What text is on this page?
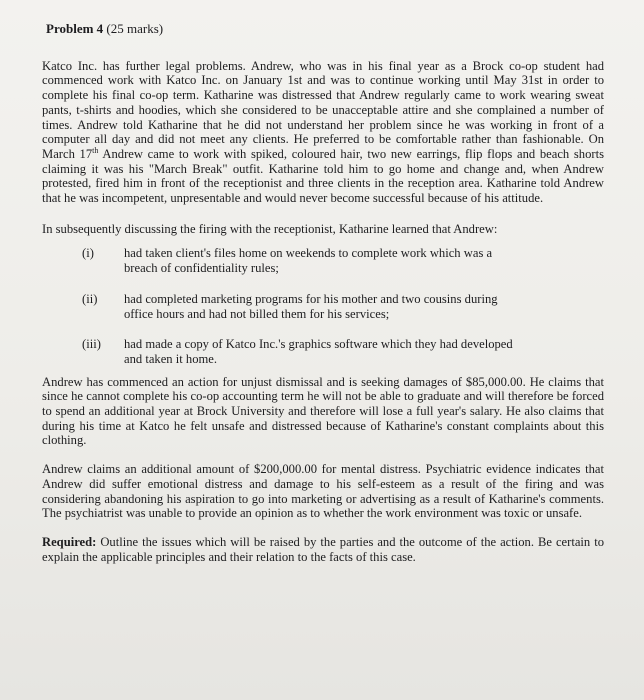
Problem 4 (25 marks)

Katco Inc. has further legal problems. Andrew, who was in his final year as a Brock co-op student had commenced work with Katco Inc. on January 1st and was to continue working until May 31st in order to complete his final co-op term. Katharine was distressed that Andrew regularly came to work wearing sweat pants, t-shirts and hoodies, which she considered to be unacceptable attire and she complained a number of times. Andrew told Katharine that he did not understand her problem since he was working in front of a computer all day and did not meet any clients. He preferred to be comfortable rather than fashionable. On March 17th Andrew came to work with spiked, coloured hair, two new earrings, flip flops and beach shorts claiming it was his "March Break" outfit. Katharine told him to go home and change and, when Andrew protested, fired him in front of the receptionist and three clients in the reception area. Katharine told Andrew that he was incompetent, unpresentable and would never become successful because of his attitude.

In subsequently discussing the firing with the receptionist, Katharine learned that Andrew:

(i)	had taken client's files home on weekends to complete work which was a breach of confidentiality rules;
(ii)	had completed marketing programs for his mother and two cousins during office hours and had not billed them for his services;
(iii)	had made a copy of Katco Inc.'s graphics software which they had developed and taken it home.

Andrew has commenced an action for unjust dismissal and is seeking damages of $85,000.00. He claims that since he cannot complete his co-op accounting term he will not be able to graduate and will therefore be forced to spend an additional year at Brock University and therefore will lose a full year's salary. He also claims that during his time at Katco he felt unsafe and distressed because of Katharine's constant complaints about this clothing.

Andrew claims an additional amount of $200,000.00 for mental distress. Psychiatric evidence indicates that Andrew did suffer emotional distress and damage to his self-esteem as a result of the firing and was considering abandoning his aspiration to go into marketing or advertising as a result of Katharine's comments. The psychiatrist was unable to provide an opinion as to whether the work environment was toxic or unsafe.

Required: Outline the issues which will be raised by the parties and the outcome of the action. Be certain to explain the applicable principles and their relation to the facts of this case.
